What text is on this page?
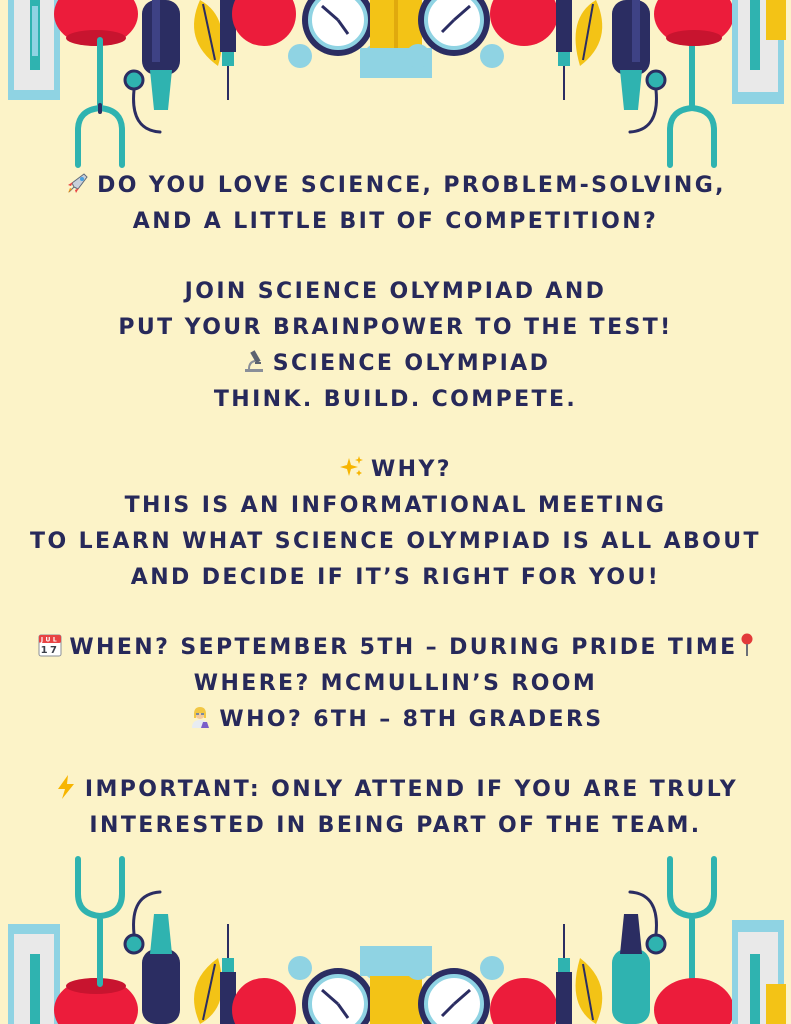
DO YOU LOVE SCIENCE, PROBLEM-SOLVING,
AND A LITTLE BIT OF COMPETITION?
JOIN SCIENCE OLYMPIAD AND
PUT YOUR BRAINPOWER TO THE TEST!
SCIENCE OLYMPIAD
THINK. BUILD. COMPETE.
WHY?
THIS IS AN INFORMATIONAL MEETING
TO LEARN WHAT SCIENCE OLYMPIAD IS ALL ABOUT
AND DECIDE IF IT’S RIGHT FOR YOU!
JUL
17 WHEN? SEPTEMBER 5TH – DURING PRIDE TIME
WHERE? MCMULLIN’S ROOM
WHO? 6TH – 8TH GRADERS
IMPORTANT: ONLY ATTEND IF YOU ARE TRULY
INTERESTED IN BEING PART OF THE TEAM.
